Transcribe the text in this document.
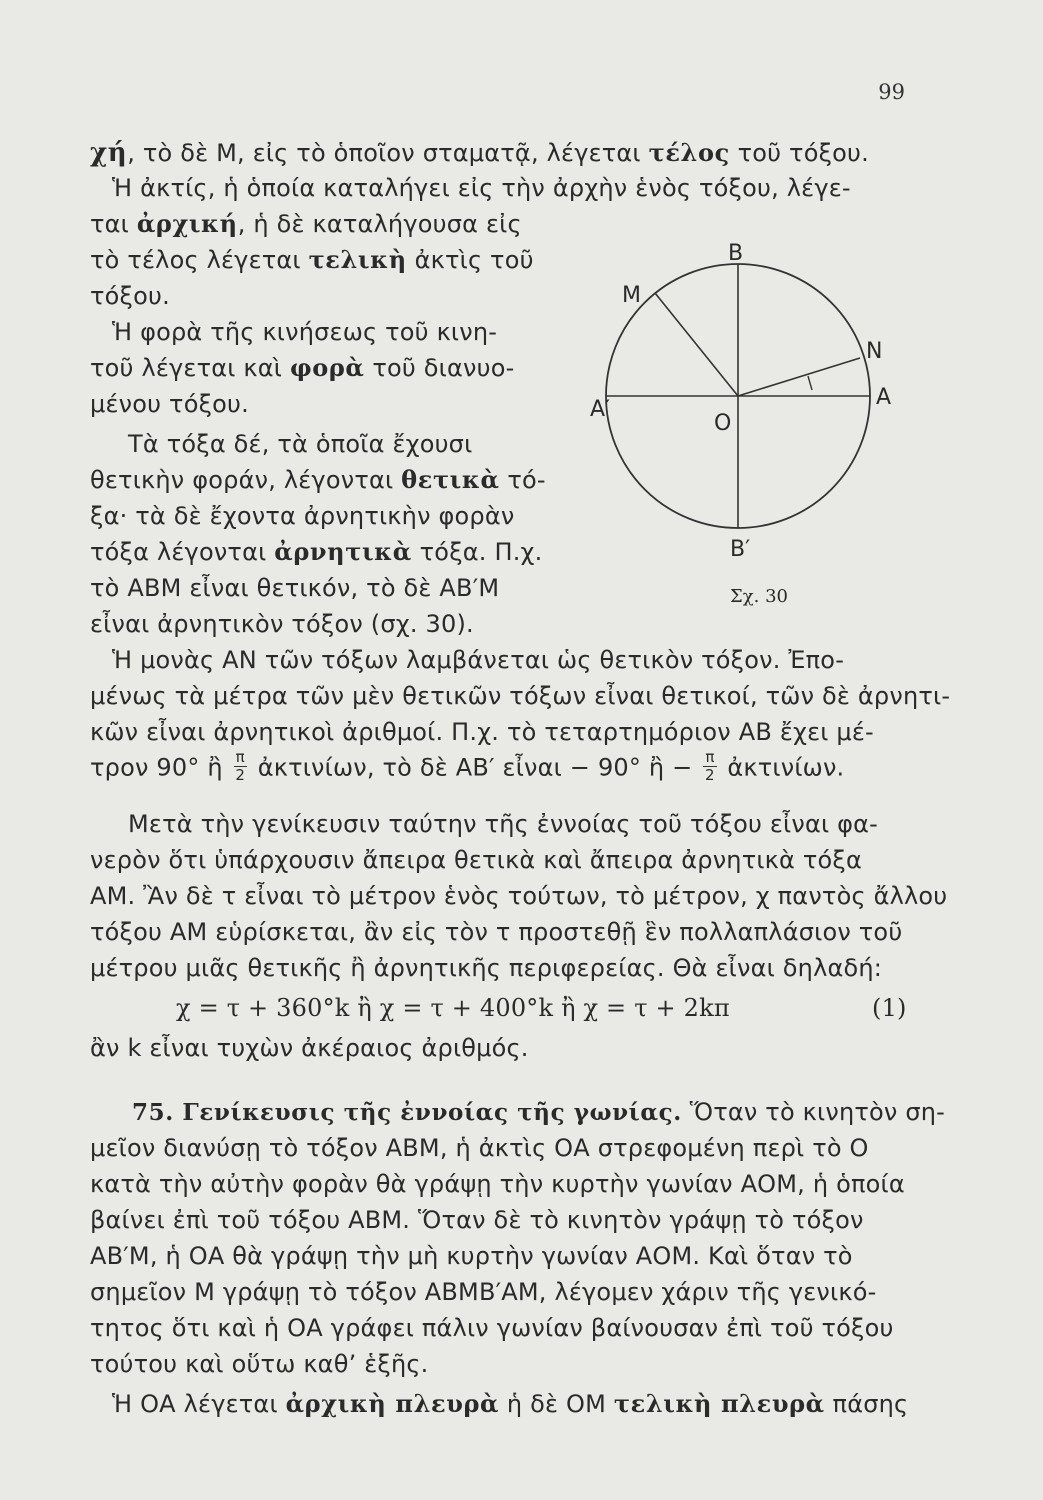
99
χή, τὸ δὲ Μ, εἰς τὸ ὁποῖον σταματᾷ, λέγεται τέλος τοῦ τόξου.
Ἡ ἀκτίς, ἡ ὁποία καταλήγει εἰς τὴν ἀρχὴν ἑνὸς τόξου, λέγε-
ται ἀρχική, ἡ δὲ καταλήγουσα εἰς
τὸ τέλος λέγεται τελικὴ ἀκτὶς τοῦ
τόξου.
Ἡ φορὰ τῆς κινήσεως τοῦ κινη-
τοῦ λέγεται καὶ φορὰ τοῦ διανυο-
μένου τόξου.
Τὰ τόξα δέ, τὰ ὁποῖα ἔχουσι
θετικὴν φοράν, λέγονται θετικὰ τό-
ξα· τὰ δὲ ἔχοντα ἀρνητικὴν φορὰν
τόξα λέγονται ἀρνητικὰ τόξα. Π.χ.
τὸ ΑΒΜ εἶναι θετικόν, τὸ δὲ ΑΒ′Μ
εἶναι ἀρνητικὸν τόξον (σχ. 30).
Ἡ μονὰς ΑΝ τῶν τόξων λαμβάνεται ὡς θετικὸν τόξον. Ἐπο-
μένως τὰ μέτρα τῶν μὲν θετικῶν τόξων εἶναι θετικοί, τῶν δὲ ἀρνητι-
κῶν εἶναι ἀρνητικοὶ ἀριθμοί. Π.χ. τὸ τεταρτημόριον ΑΒ ἔχει μέ-
τρον 90° ἢ $\frac{\pi}{2}$ ἀκτινίων, τὸ δὲ ΑΒ′ εἶναι − 90° ἢ − $\frac{\pi}{2}$ ἀκτινίων.
Μετὰ τὴν γενίκευσιν ταύτην τῆς ἐννοίας τοῦ τόξου εἶναι φα-
νερὸν ὅτι ὑπάρχουσιν ἄπειρα θετικὰ καὶ ἄπειρα ἀρνητικὰ τόξα
ΑΜ. Ἂν δὲ τ εἶναι τὸ μέτρον ἑνὸς τούτων, τὸ μέτρον, χ παντὸς ἄλλου
τόξου ΑΜ εὑρίσκεται, ἂν εἰς τὸν τ προστεθῇ ἓν πολλαπλάσιον τοῦ
μέτρου μιᾶς θετικῆς ἢ ἀρνητικῆς περιφερείας. Θὰ εἶναι δηλαδή:
χ = τ + 360°k ἢ χ = τ + 400°k ἢ χ = τ + 2kπ	(1)
ἂν k εἶναι τυχὼν ἀκέραιος ἀριθμός.
75. Γενίκευσις τῆς ἐννοίας τῆς γωνίας. Ὅταν τὸ κινητὸν ση-
μεῖον διανύσῃ τὸ τόξον ΑΒΜ, ἡ ἀκτὶς ΟΑ στρεφομένη περὶ τὸ Ο
κατὰ τὴν αὐτὴν φορὰν θὰ γράψῃ τὴν κυρτὴν γωνίαν ΑΟΜ, ἡ ὁποία
βαίνει ἐπὶ τοῦ τόξου ΑΒΜ. Ὅταν δὲ τὸ κινητὸν γράψῃ τὸ τόξον
ΑΒ′Μ, ἡ ΟΑ θὰ γράψῃ τὴν μὴ κυρτὴν γωνίαν ΑΟΜ. Καὶ ὅταν τὸ
σημεῖον Μ γράψῃ τὸ τόξον ΑΒΜΒ′ΑΜ, λέγομεν χάριν τῆς γενικό-
τητος ὅτι καὶ ἡ ΟΑ γράφει πάλιν γωνίαν βαίνουσαν ἐπὶ τοῦ τόξου
τούτου καὶ οὕτω καθ’ ἑξῆς.
Ἡ ΟΑ λέγεται ἀρχικὴ πλευρὰ ἡ δὲ ΟΜ τελικὴ πλευρὰ πάσης
B
M
N
A′	A
O
B′
Σχ. 30
